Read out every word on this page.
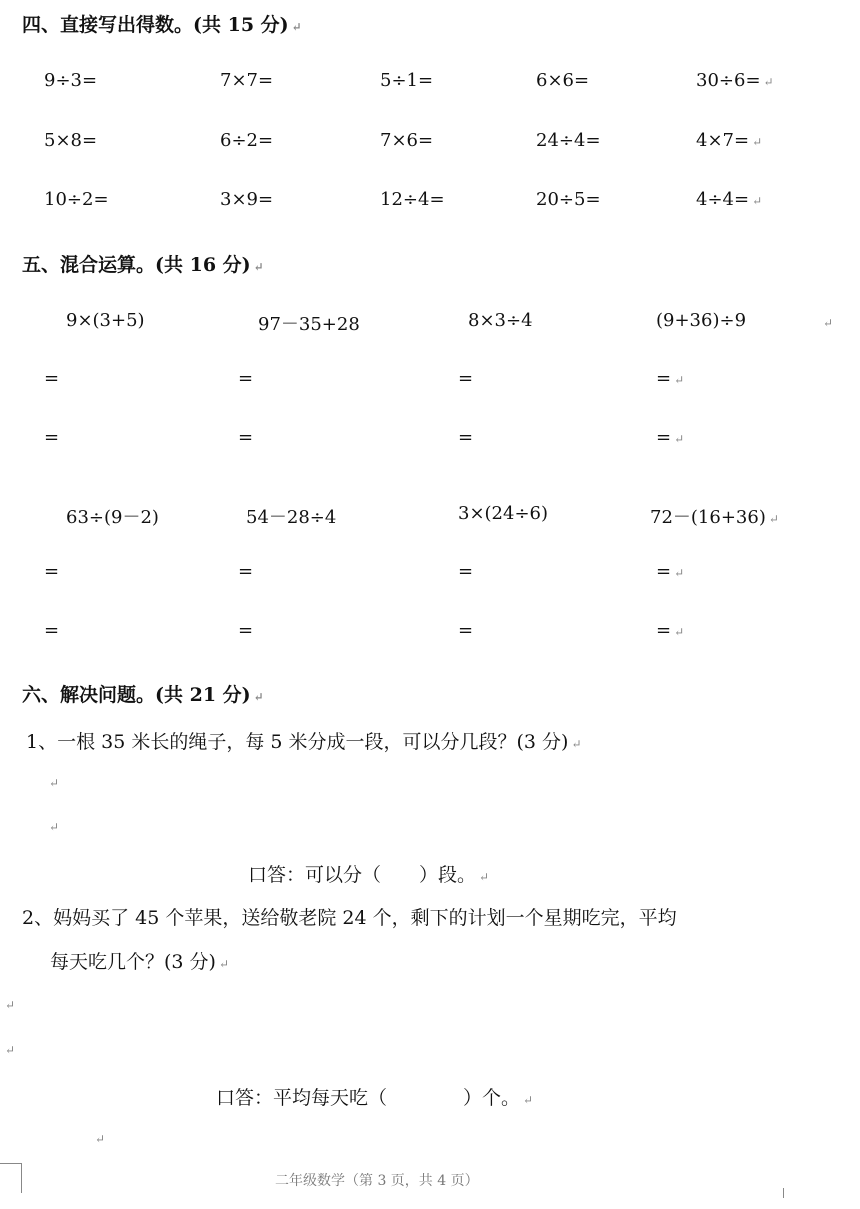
四、直接写出得数。(共 15 分) ↵
9÷3=	7×7=	5÷1=	6×6=	30÷6= ↵
5×8=	6÷2=	7×6=	24÷4=	4×7= ↵
10÷2=	3×9=	12÷4=	20÷5=	4÷4= ↵
五、混合运算。(共 16 分) ↵
↵
9×(3+5)	97－35+28	8×3÷4	(9+36)÷9
=	=	=	= ↵
=	=	=	= ↵
63÷(9－2)	54－28÷4	3×(24÷6)	72－(16+36) ↵
=	=	=	= ↵
=	=	=	= ↵
六、解决问题。(共 21 分) ↵
1、一根 35 米长的绳子，每 5 米分成一段，可以分几段？(3 分) ↵
↵
↵
口答：可以分（　　）段。 ↵
2、妈妈买了 45 个苹果，送给敬老院 24 个，剩下的计划一个星期吃完，平均
每天吃几个？(3 分) ↵
↵
↵
口答：平均每天吃（　　　　）个。 ↵
↵
二年级数学（第 3 页，共 4 页）
